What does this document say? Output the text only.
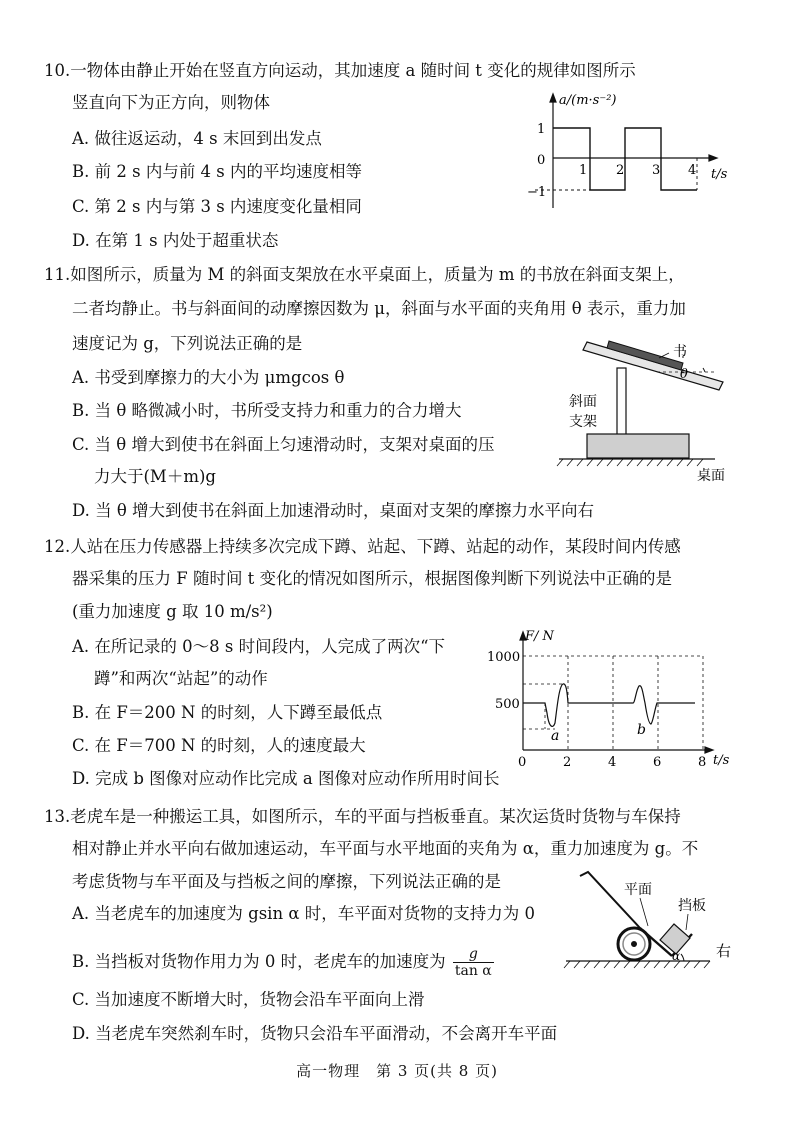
10.一物体由静止开始在竖直方向运动，其加速度 a 随时间 t 变化的规律如图所示
竖直向下为正方向，则物体
A. 做往返运动，4 s 末回到出发点
B. 前 2 s 内与前 4 s 内的平均速度相等
C. 第 2 s 内与第 3 s 内速度变化量相同
D. 在第 1 s 内处于超重状态
a/(m·s⁻²)
1
0
−1
1 2 3 4 t/s
11.如图所示，质量为 M 的斜面支架放在水平桌面上，质量为 m 的书放在斜面支架上，
二者均静止。书与斜面间的动摩擦因数为 μ，斜面与水平面的夹角用 θ 表示，重力加
速度记为 g，下列说法正确的是
A. 书受到摩擦力的大小为 μmgcos θ
B. 当 θ 略微减小时，书所受支持力和重力的合力增大
C. 当 θ 增大到使书在斜面上匀速滑动时，支架对桌面的压
力大于(M＋m)g
D. 当 θ 增大到使书在斜面上加速滑动时，桌面对支架的摩擦力水平向右
书
θ
斜面
支架
桌面
12.人站在压力传感器上持续多次完成下蹲、站起、下蹲、站起的动作，某段时间内传感
器采集的压力 F 随时间 t 变化的情况如图所示，根据图像判断下列说法中正确的是
(重力加速度 g 取 10 m/s²)
A. 在所记录的 0～8 s 时间段内，人完成了两次“下
蹲”和两次“站起”的动作
B. 在 F＝200 N 的时刻，人下蹲至最低点
C. 在 F＝700 N 的时刻，人的速度最大
D. 完成 b 图像对应动作比完成 a 图像对应动作所用时间长
F/ N
1000
500
0	2	4	6	8 t/s
a	b
13.老虎车是一种搬运工具，如图所示，车的平面与挡板垂直。某次运货时货物与车保持
相对静止并水平向右做加速运动，车平面与水平地面的夹角为 α，重力加速度为 g。不
考虑货物与车平面及与挡板之间的摩擦，下列说法正确的是
A. 当老虎车的加速度为 gsin α 时，车平面对货物的支持力为 0
B. 当挡板对货物作用力为 0 时，老虎车的加速度为 $\frac{g}{\text{tan α}}$
C. 当加速度不断增大时，货物会沿车平面向上滑
D. 当老虎车突然刹车时，货物只会沿车平面滑动，不会离开车平面
α
平面
挡板
右
高一物理　第 3 页(共 8 页)
